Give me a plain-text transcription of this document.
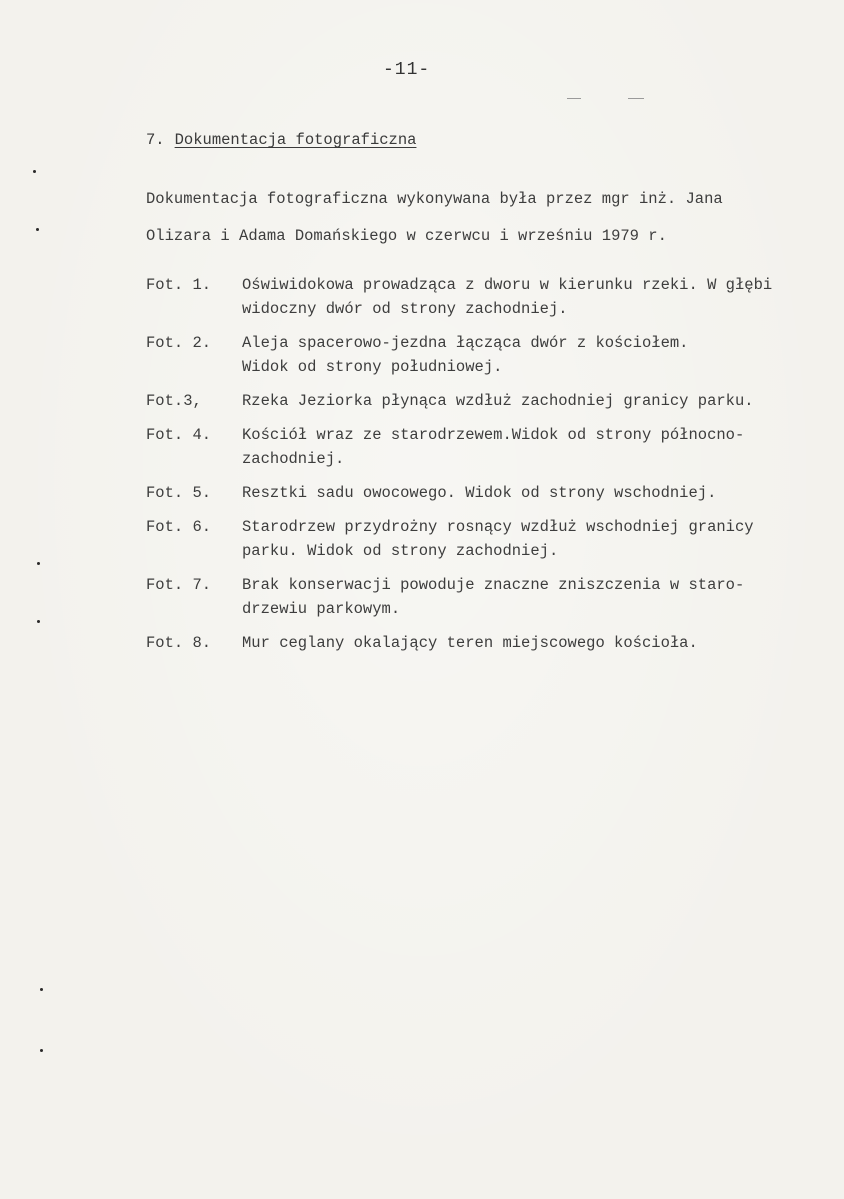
-11-
7. Dokumentacja fotograficzna
Dokumentacja fotograficzna wykonywana była przez mgr inż. Jana
Olizara i Adama Domańskiego w czerwcu i wrześniu 1979 r.
Fot. 1.	Oświwidokowa prowadząca z dworu w kierunku rzeki. W głębi
widoczny dwór od strony zachodniej.
Fot. 2.	Aleja spacerowo-jezdna łącząca dwór z kościołem.
Widok od strony południowej.
Fot.3,	Rzeka Jeziorka płynąca wzdłuż zachodniej granicy parku.
Fot. 4.	Kościół wraz ze starodrzewem.Widok od strony północno-
zachodniej.
Fot. 5.	Resztki sadu owocowego. Widok od strony wschodniej.
Fot. 6.	Starodrzew przydrożny rosnący wzdłuż wschodniej granicy
parku. Widok od strony zachodniej.
Fot. 7.	Brak konserwacji powoduje znaczne zniszczenia w staro-
drzewiu parkowym.
Fot. 8.	Mur ceglany okalający teren miejscowego kościoła.
